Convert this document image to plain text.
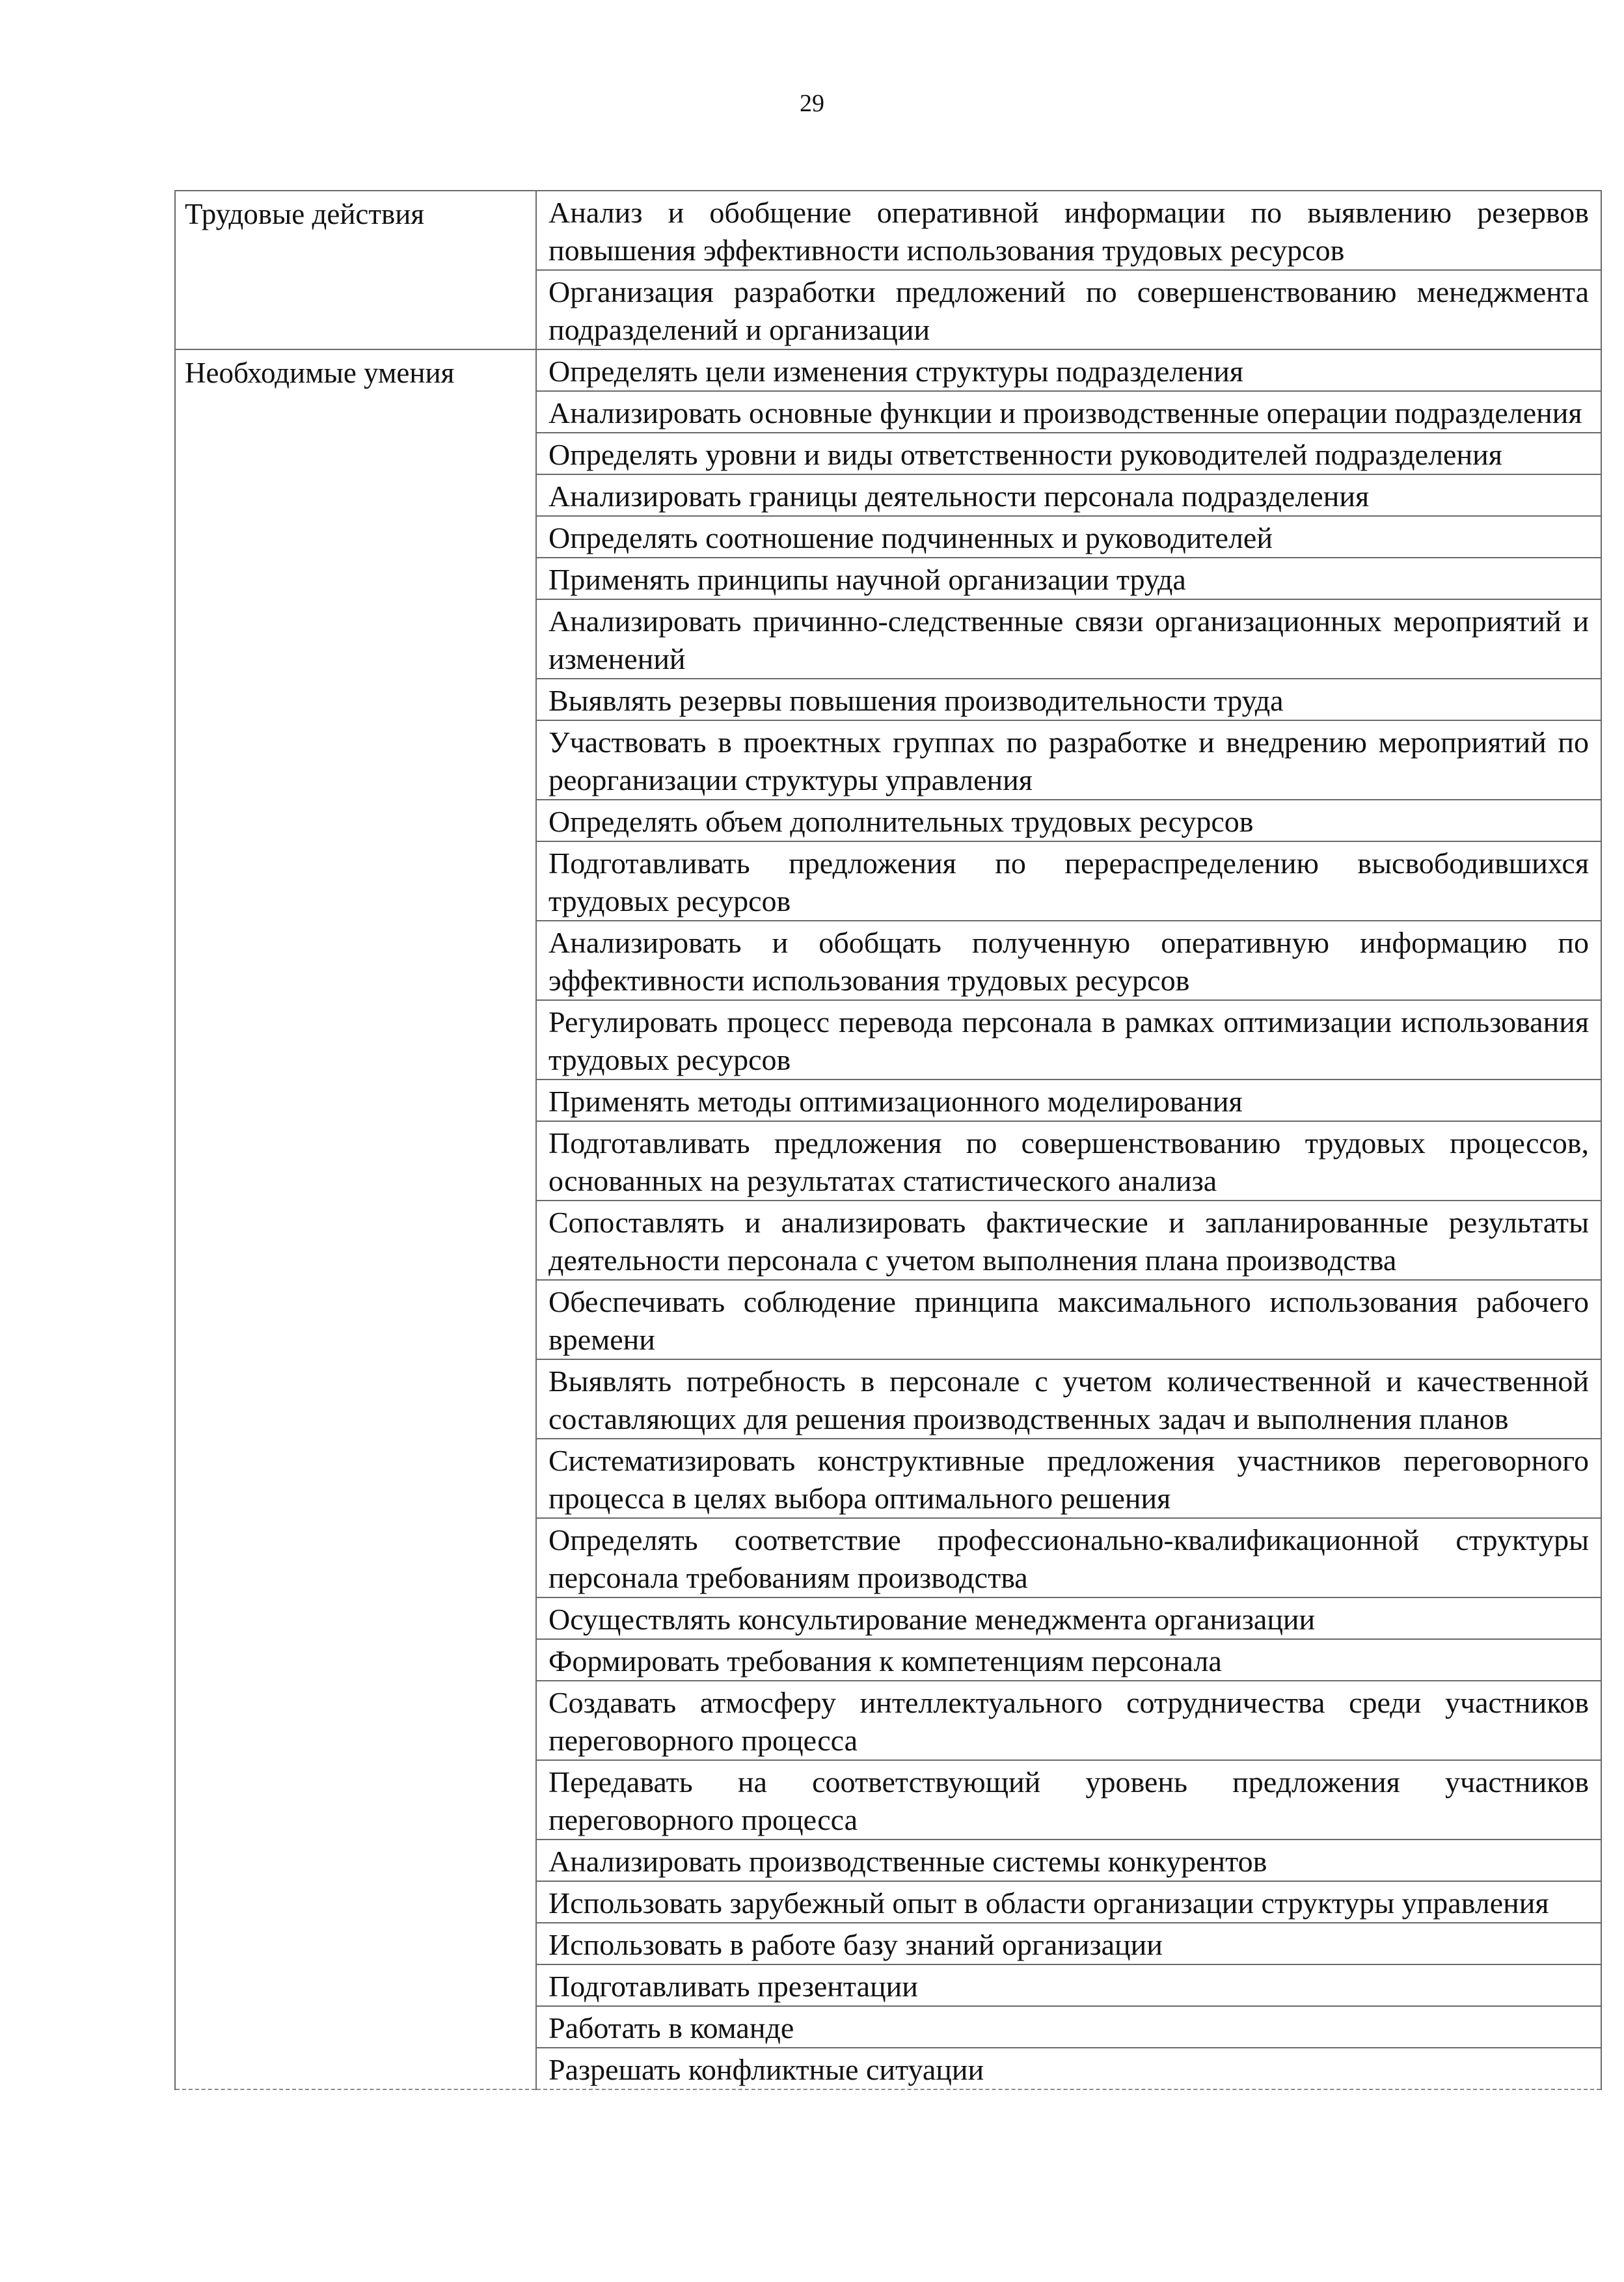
29
Трудовые действия	Анализ и обобщение оперативной информации по выявлению резервов повышения эффективности использования трудовых ресурсов

	Организация разработки предложений по совершенствованию менеджмента подразделений и организации

Необходимые умения	Определять цели изменения структуры подразделения

	Анализировать основные функции и производственные операции подразделения

	Определять уровни и виды ответственности руководителей подразделения

	Анализировать границы деятельности персонала подразделения

	Определять соотношение подчиненных и руководителей

	Применять принципы научной организации труда

	Анализировать причинно-следственные связи организационных мероприятий и изменений

	Выявлять резервы повышения производительности труда

	Участвовать в проектных группах по разработке и внедрению мероприятий по реорганизации структуры управления

	Определять объем дополнительных трудовых ресурсов

	Подготавливать предложения по перераспределению высвободившихся трудовых ресурсов

	Анализировать и обобщать полученную оперативную информацию по эффективности использования трудовых ресурсов

	Регулировать процесс перевода персонала в рамках оптимизации использования трудовых ресурсов

	Применять методы оптимизационного моделирования

	Подготавливать предложения по совершенствованию трудовых процессов, основанных на результатах статистического анализа

	Сопоставлять и анализировать фактические и запланированные результаты деятельности персонала с учетом выполнения плана производства

	Обеспечивать соблюдение принципа максимального использования рабочего времени

	Выявлять потребность в персонале с учетом количественной и качественной составляющих для решения производственных задач и выполнения планов

	Систематизировать конструктивные предложения участников переговорного процесса в целях выбора оптимального решения

	Определять соответствие профессионально-квалификационной структуры персонала требованиям производства

	Осуществлять консультирование менеджмента организации

	Формировать требования к компетенциям персонала

	Создавать атмосферу интеллектуального сотрудничества среди участников переговорного процесса

	Передавать на соответствующий уровень предложения участников переговорного процесса

	Анализировать производственные системы конкурентов

	Использовать зарубежный опыт в области организации структуры управления

	Использовать в работе базу знаний организации

	Подготавливать презентации

	Работать в команде

	Разрешать конфликтные ситуации
